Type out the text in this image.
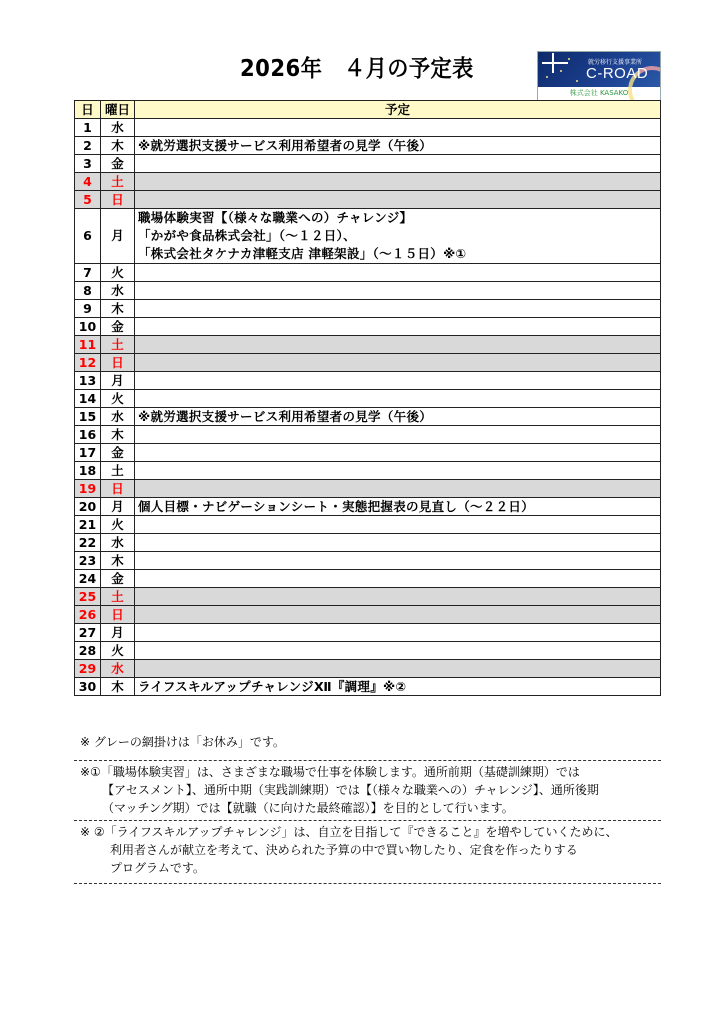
2026年　４月の予定表	就労移行支援事業所
C-ROAD
株式会社 KASAKO
日	曜日	予定
1	水	
2	木	※就労選択支援サービス利用希望者の見学（午後）

3	金	
4	土	
5	日	
6	月	職場体験実習【（様々な職業への）チャレンジ】
「かがや食品株式会社」（～１２日）、
「株式会社タケナカ津軽支店 津軽架設」（～１５日）※①

7	火	
8	水	
9	木	
10	金	
11	土	
12	日	
13	月	
14	火	
15	水	※就労選択支援サービス利用希望者の見学（午後）

16	木	
17	金	
18	土	
19	日	
20	月	個人目標・ナビゲーションシート・実態把握表の見直し（～２２日）

21	火	
22	水	
23	木	
24	金	
25	土	
26	日	
27	月	
28	火	
29	水	
30	木	ライフスキルアップチャレンジⅫ『調理』※②
※ グレーの網掛けは「お休み」です。
※①「職場体験実習」は、さまざまな職場で仕事を体験します。通所前期（基礎訓練期）では
【アセスメント】、通所中期（実践訓練期）では【（様々な職業への）チャレンジ】、通所後期
（マッチング期）では【就職（に向けた最終確認）】を目的として行います。
※ ②「ライフスキルアップチャレンジ」は、自立を目指して『できること』を増やしていくために、
利用者さんが献立を考えて、決められた予算の中で買い物したり、定食を作ったりする
プログラムです。
